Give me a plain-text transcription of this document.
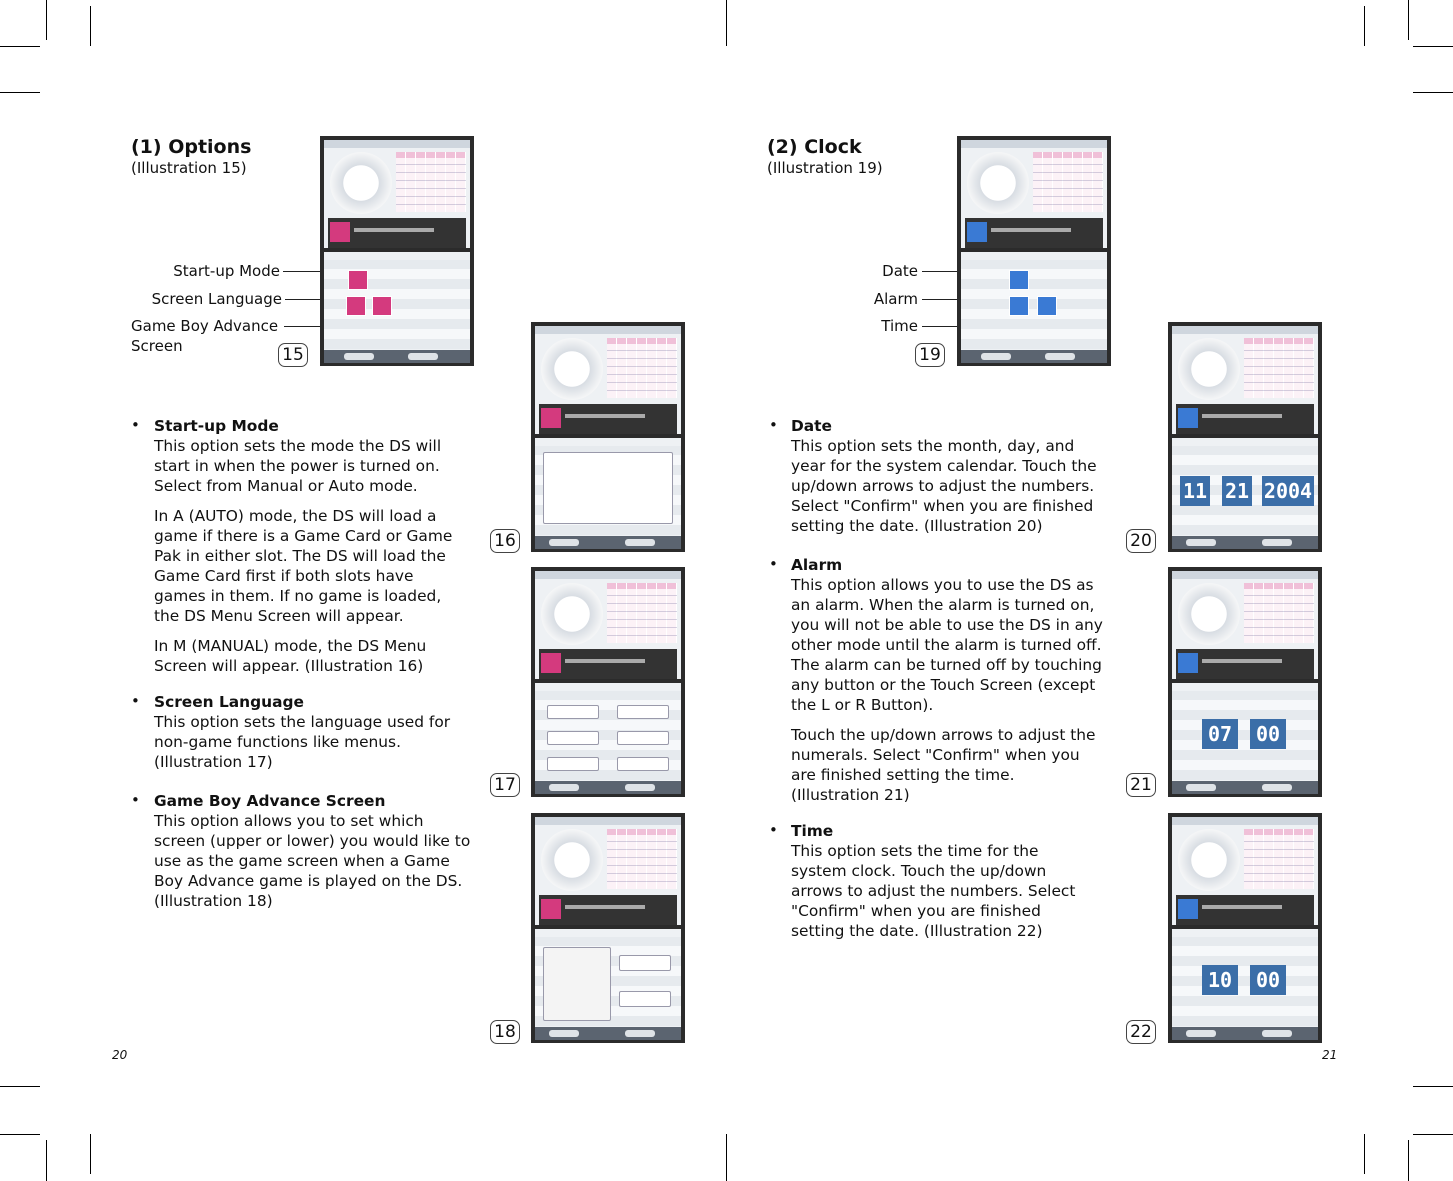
(1) Options
(Illustration 15)
Start-up Mode
Screen Language
Game Boy Advance
Screen	15
16
17
18
• Start-up Mode

This option sets the mode the DS will start in when the power is turned on. Select from Manual or Auto mode.

In A (AUTO) mode, the DS will load a game if there is a Game Card or Game Pak in either slot. The DS will load the Game Card first if both slots have games in them. If no game is loaded, the DS Menu Screen will appear.

In M (MANUAL) mode, the DS Menu Screen will appear. (Illustration 16)

• Screen Language

This option sets the language used for non-game functions like menus. (Illustration 17)

• Game Boy Advance Screen

This option allows you to set which screen (upper or lower) you would like to use as the game screen when a Game Boy Advance game is played on the DS. (Illustration 18)

20
(2) Clock
(Illustration 19)
Date
Alarm
Time
19
11 21 2004
20
07 00
21
10 00
22
• Date

This option sets the month, day, and year for the system calendar. Touch the up/down arrows to adjust the numbers. Select "Confirm" when you are finished setting the date. (Illustration 20)

• Alarm

This option allows you to use the DS as an alarm. When the alarm is turned on, you will not be able to use the DS in any other mode until the alarm is turned off. The alarm can be turned off by touching any button or the Touch Screen (except the L or R Button).

Touch the up/down arrows to adjust the numerals. Select "Confirm" when you are finished setting the time. (Illustration 21)

• Time

This option sets the time for the system clock. Touch the up/down arrows to adjust the numbers. Select "Confirm" when you are finished setting the date. (Illustration 22)

21
